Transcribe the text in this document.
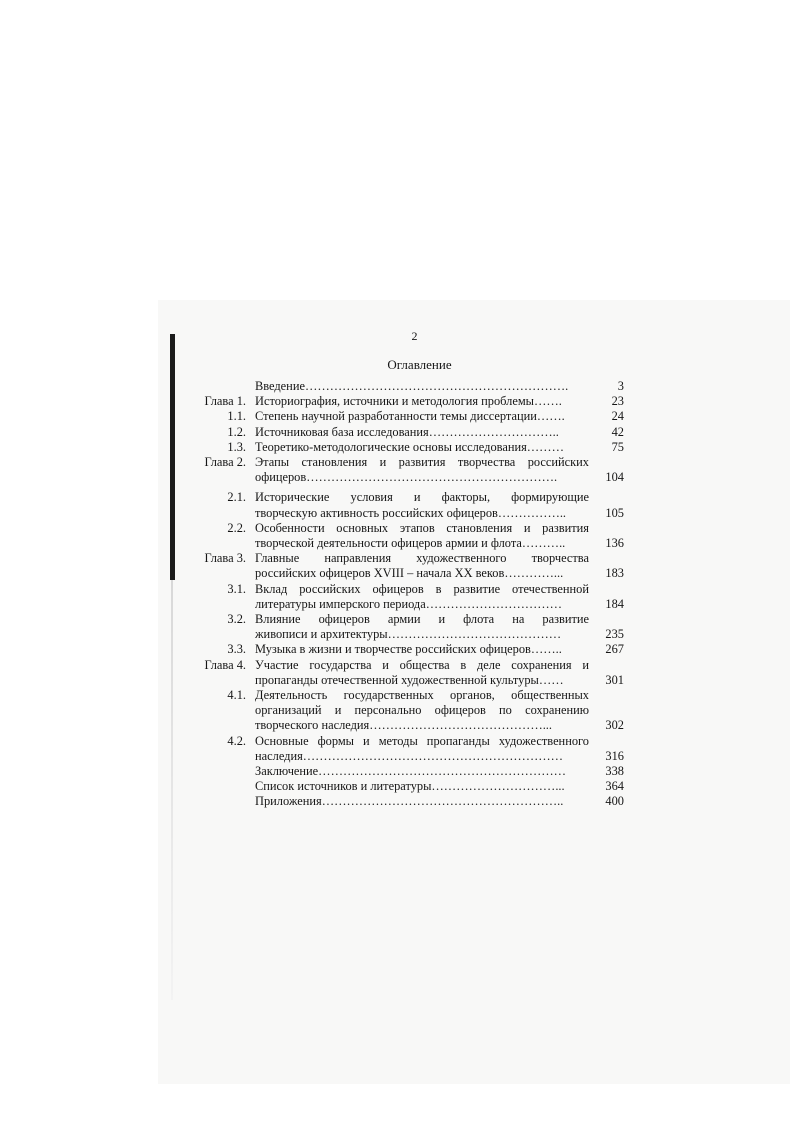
2
Оглавление
Введение……………………………………………………….	3
Глава 1. Историография, источники и методология проблемы…….	23
1.1. Степень научной разработанности темы диссертации…….	24
1.2. Источниковая база исследования…………………………..	42
1.3. Теоретико-методологические основы исследования………	75
Глава 2. Этапы становления и развития творчества российских
офицеров…………………………………………………….	104
2.1. Исторические условия и факторы, формирующие
творческую активность российских офицеров……………..	105
2.2. Особенности основных этапов становления и развития
творческой деятельности офицеров армии и флота………..	136
Глава 3. Главные направления художественного творчества
российских офицеров XVIII – начала XX веков…………...	183
3.1. Вклад российских офицеров в развитие отечественной
литературы имперского периода……………………………	184
3.2. Влияние офицеров армии и флота на развитие
живописи и архитектуры……………………………………	235
3.3. Музыка в жизни и творчестве российских офицеров……..	267
Глава 4. Участие государства и общества в деле сохранения и
пропаганды отечественной художественной культуры……	301
4.1. Деятельность государственных органов, общественных
организаций и персонально офицеров по сохранению
творческого наследия……………………………………...	302
4.2. Основные формы и методы пропаганды художественного
наследия………………………………………………………	316
Заключение……………………………………………………	338
Список источников и литературы…………………………...	364
Приложения…………………………………………………..	400
